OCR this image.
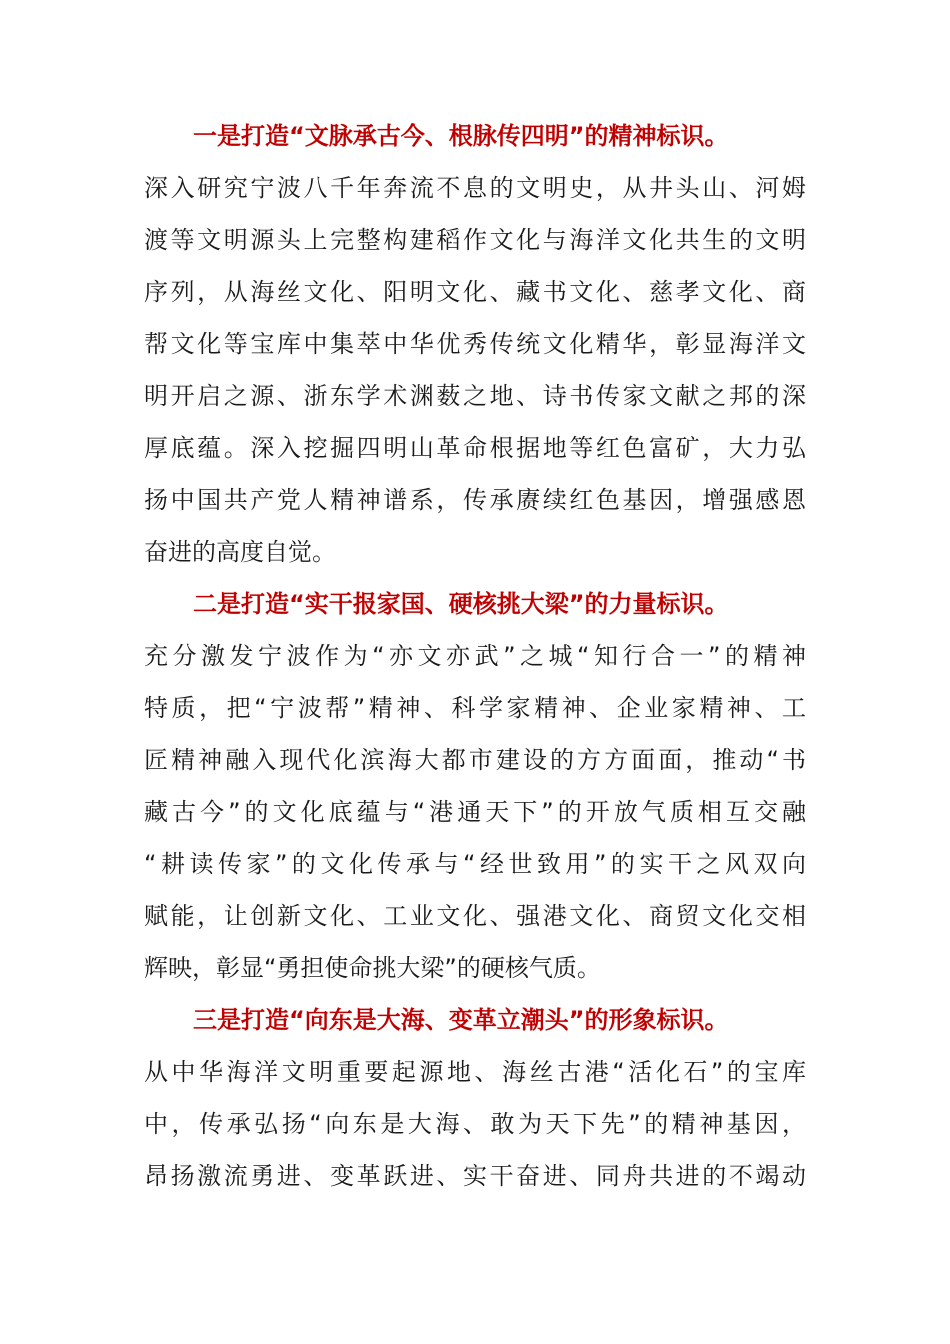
一是打造“文脉承古今、根脉传四明”的精神标识。
深入研究宁波八千年奔流不息的文明史，从井头山、河姆
渡等文明源头上完整构建稻作文化与海洋文化共生的文明
序列，从海丝文化、阳明文化、藏书文化、慈孝文化、商
帮文化等宝库中集萃中华优秀传统文化精华，彰显海洋文
明开启之源、浙东学术渊薮之地、诗书传家文献之邦的深
厚底蕴。深入挖掘四明山革命根据地等红色富矿，大力弘
扬中国共产党人精神谱系，传承赓续红色基因，增强感恩
奋进的高度自觉。
二是打造“实干报家国、硬核挑大梁”的力量标识。
充分激发宁波作为“亦文亦武”之城“知行合一”的精神
特质，把“宁波帮”精神、科学家精神、企业家精神、工
匠精神融入现代化滨海大都市建设的方方面面，推动“书
藏古今”的文化底蕴与“港通天下”的开放气质相互交融
“耕读传家”的文化传承与“经世致用”的实干之风双向
赋能，让创新文化、工业文化、强港文化、商贸文化交相
辉映，彰显“勇担使命挑大梁”的硬核气质。
三是打造“向东是大海、变革立潮头”的形象标识。
从中华海洋文明重要起源地、海丝古港“活化石”的宝库
中，传承弘扬“向东是大海、敢为天下先”的精神基因，
昂扬激流勇进、变革跃进、实干奋进、同舟共进的不竭动
